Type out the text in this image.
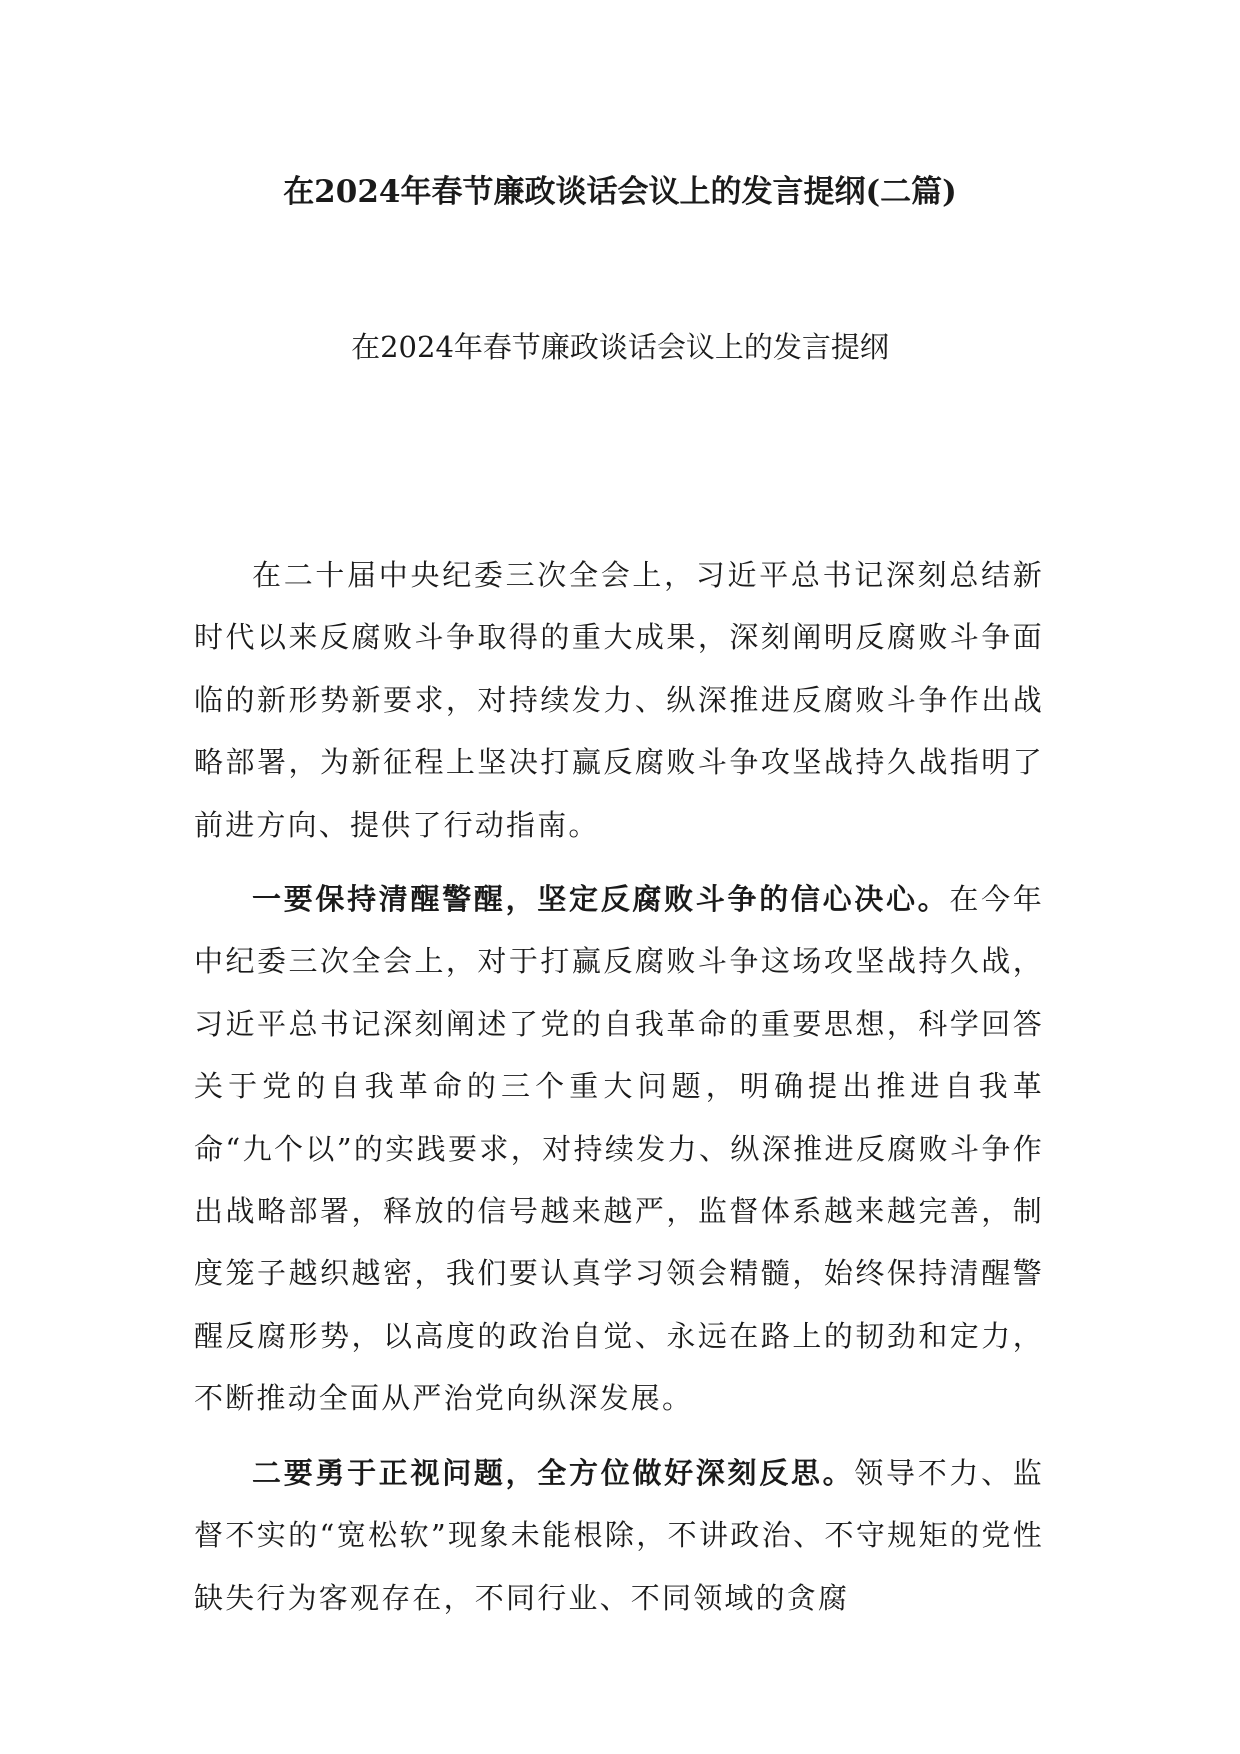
在2024年春节廉政谈话会议上的发言提纲(二篇)
在2024年春节廉政谈话会议上的发言提纲

在二十届中央纪委三次全会上，习近平总书记深刻总结新时代以来反腐败斗争取得的重大成果，深刻阐明反腐败斗争面临的新形势新要求，对持续发力、纵深推进反腐败斗争作出战略部署，为新征程上坚决打赢反腐败斗争攻坚战持久战指明了前进方向、提供了行动指南。

一要保持清醒警醒，坚定反腐败斗争的信心决心。在今年中纪委三次全会上，对于打赢反腐败斗争这场攻坚战持久战，习近平总书记深刻阐述了党的自我革命的重要思想，科学回答关于党的自我革命的三个重大问题，明确提出推进自我革命“九个以”的实践要求，对持续发力、纵深推进反腐败斗争作出战略部署，释放的信号越来越严，监督体系越来越完善，制度笼子越织越密，我们要认真学习领会精髓，始终保持清醒警醒反腐形势，以高度的政治自觉、永远在路上的韧劲和定力，不断推动全面从严治党向纵深发展。

二要勇于正视问题，全方位做好深刻反思。领导不力、监督不实的“宽松软”现象未能根除，不讲政治、不守规矩的党性缺失行为客观存在，不同行业、不同领域的贪腐
